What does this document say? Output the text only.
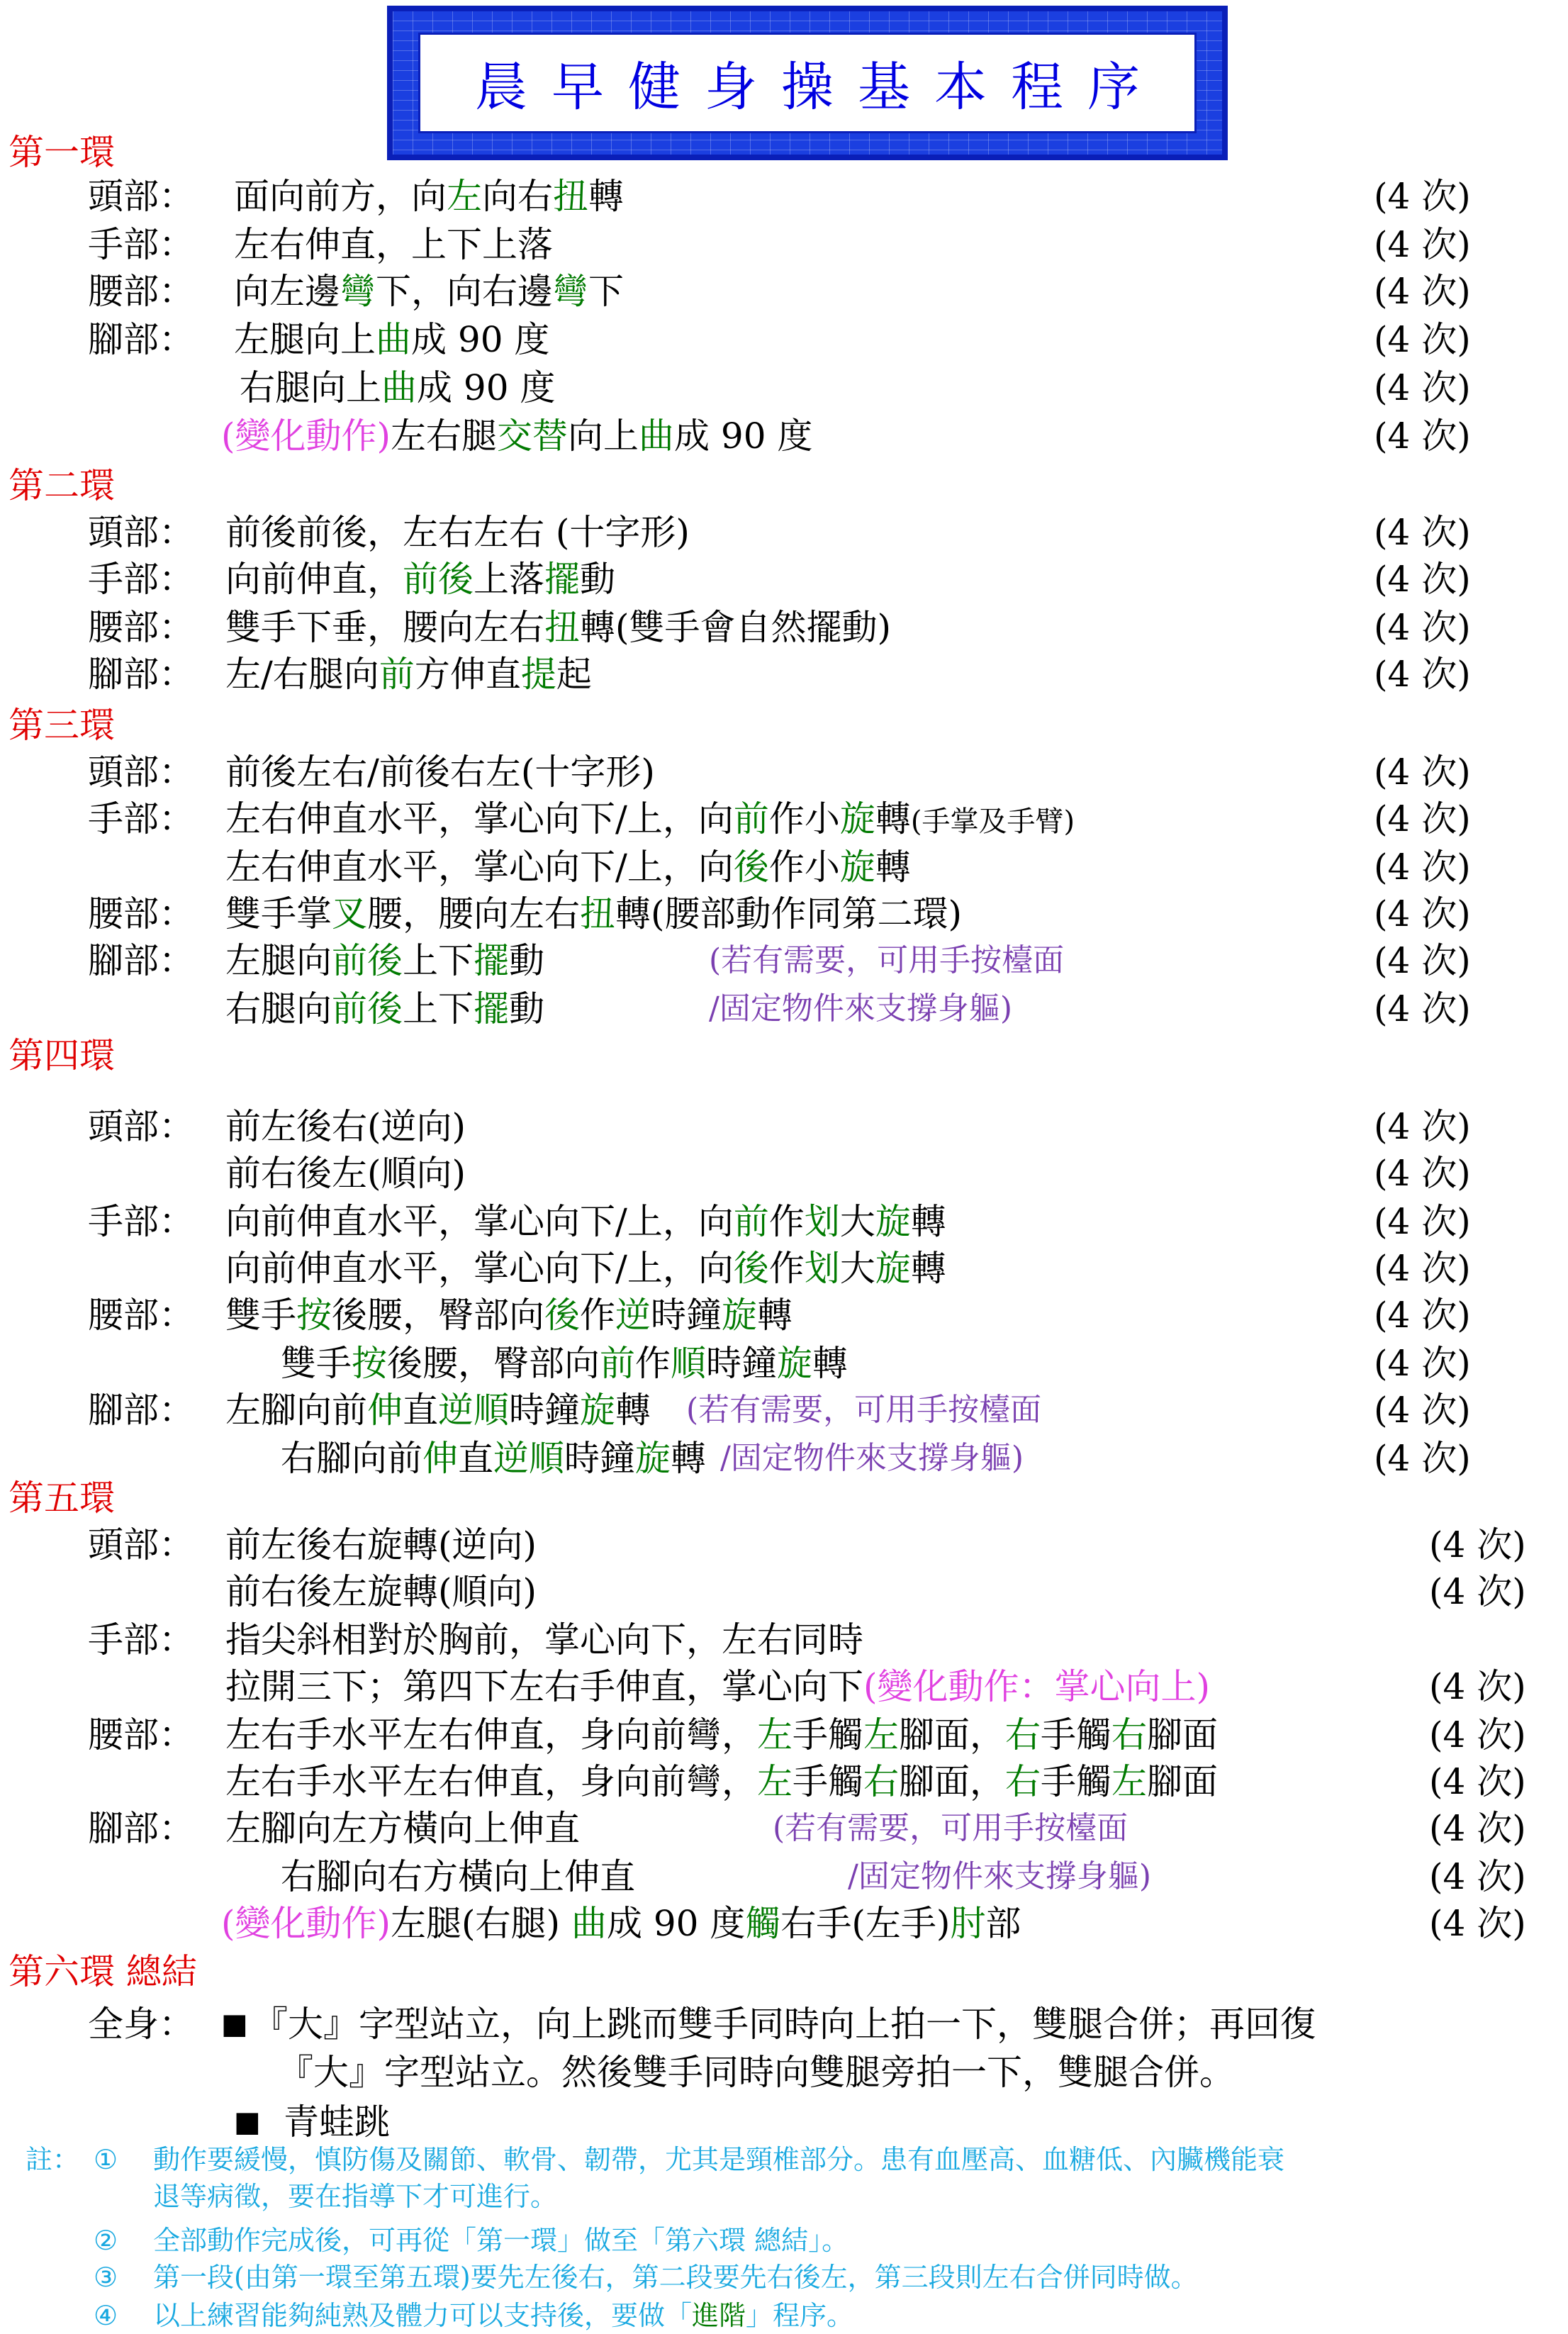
晨早健身操基本程序
第一環
頭部： 面向前方，向左向右扭轉	(4 次)
手部： 左右伸直，上下上落	(4 次)
腰部： 向左邊彎下，向右邊彎下	(4 次)
腳部： 左腿向上曲成 90 度	(4 次)
右腿向上曲成 90 度	(4 次)
(變化動作)左右腿交替向上曲成 90 度	(4 次)
第二環
頭部： 前後前後，左右左右 (十字形)	(4 次)
手部： 向前伸直，前後上落擺動	(4 次)
腰部： 雙手下垂，腰向左右扭轉(雙手會自然擺動)	(4 次)
腳部： 左/右腿向前方伸直提起	(4 次)
第三環
頭部： 前後左右/前後右左(十字形)	(4 次)
手部： 左右伸直水平，掌心向下/上，向前作小旋轉(手掌及手臂)	(4 次)
左右伸直水平，掌心向下/上，向後作小旋轉	(4 次)
腰部： 雙手掌叉腰，腰向左右扭轉(腰部動作同第二環)	(4 次)
腳部： 左腿向前後上下擺動	(若有需要，可用手按檯面	(4 次)
右腿向前後上下擺動	/固定物件來支撐身軀)	(4 次)
第四環
頭部： 前左後右(逆向)	(4 次)
前右後左(順向)	(4 次)
手部： 向前伸直水平，掌心向下/上，向前作划大旋轉	(4 次)
向前伸直水平，掌心向下/上，向後作划大旋轉	(4 次)
腰部： 雙手按後腰，臀部向後作逆時鐘旋轉	(4 次)
雙手按後腰，臀部向前作順時鐘旋轉	(4 次)
腳部： 左腳向前伸直逆順時鐘旋轉 (若有需要，可用手按檯面	(4 次)
右腳向前伸直逆順時鐘旋轉 /固定物件來支撐身軀)	(4 次)
第五環
頭部： 前左後右旋轉(逆向)	(4 次)
前右後左旋轉(順向)	(4 次)
手部： 指尖斜相對於胸前，掌心向下，左右同時
拉開三下；第四下左右手伸直，掌心向下(變化動作：掌心向上)	(4 次)
腰部： 左右手水平左右伸直，身向前彎，左手觸左腳面，右手觸右腳面	(4 次)
左右手水平左右伸直，身向前彎，左手觸右腳面，右手觸左腳面	(4 次)
腳部： 左腳向左方橫向上伸直	(若有需要，可用手按檯面	(4 次)
右腳向右方橫向上伸直	/固定物件來支撐身軀)	(4 次)
(變化動作)左腿(右腿) 曲成 90 度觸右手(左手)肘部	(4 次)
第六環 總結
全身： ■ 『大』字型站立，向上跳而雙手同時向上拍一下，雙腿合併；再回復
『大』字型站立。然後雙手同時向雙腿旁拍一下，雙腿合併。
青蛙跳
■
註： ① 動作要緩慢，慎防傷及關節、軟骨、韌帶，尤其是頸椎部分。患有血壓高、血糖低、內臟機能衰
退等病徵，要在指導下才可進行。
② 全部動作完成後，可再從「第一環」做至「第六環 總結」。
③ 第一段(由第一環至第五環)要先左後右，第二段要先右後左，第三段則左右合併同時做。
④ 以上練習能夠純熟及體力可以支持後，要做「進階」程序。
